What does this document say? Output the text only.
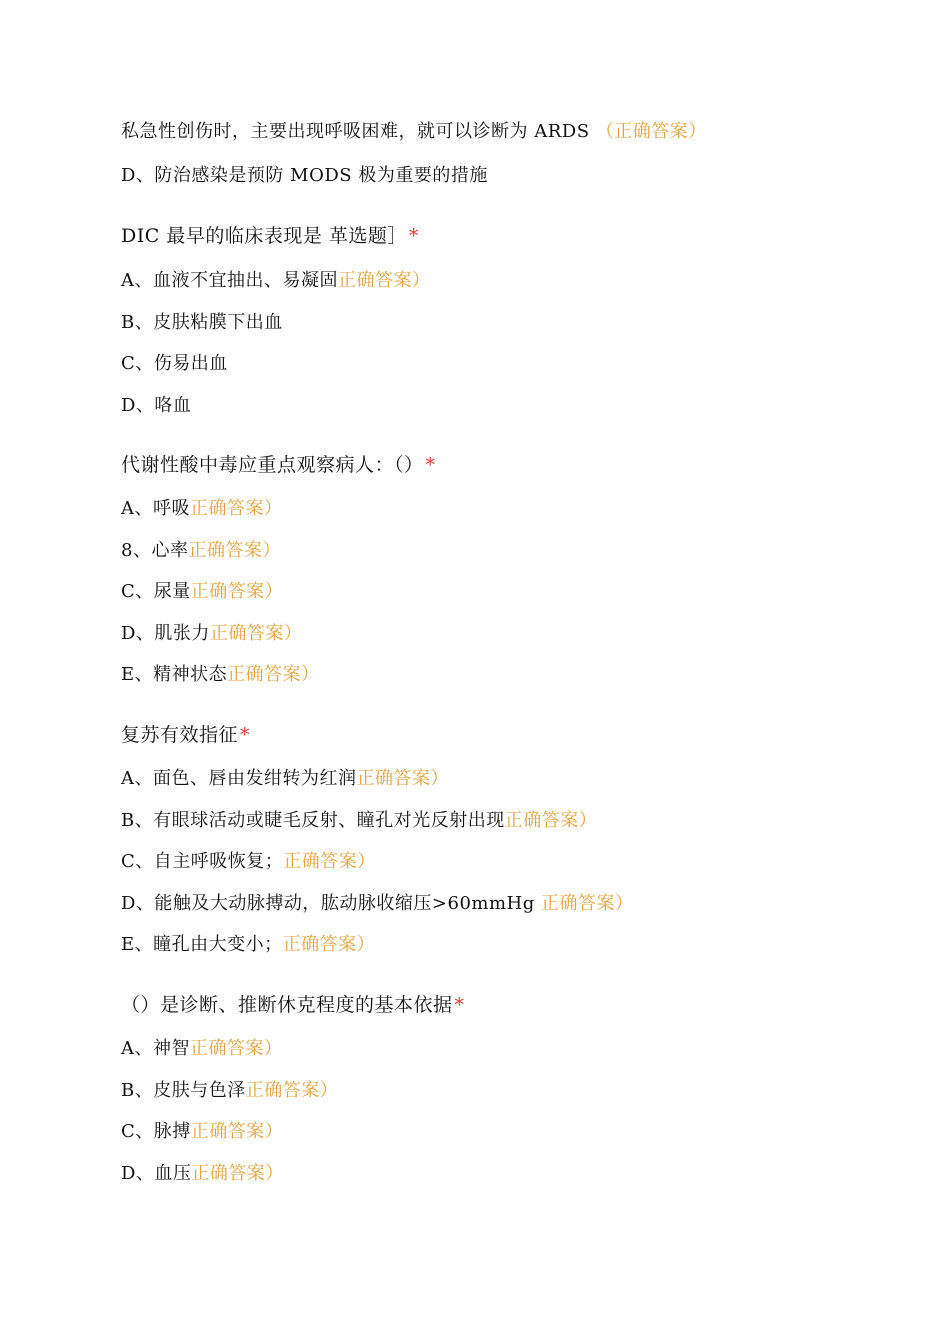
私急性创伤时，主要出现呼吸困难，就可以诊断为 ARDS （正确答案）
D、防治感染是预防 MODS 极为重要的措施
DIC 最早的临床表现是 革选题］ *
A、血液不宜抽出、易凝固正确答案）
B、皮肤粘膜下出血
C、伤易出血
D、咯血
代谢性酸中毒应重点观察病人：（） *
A、呼吸正确答案）
8、心率正确答案）
C、尿量正确答案）
D、肌张力正确答案）
E、精神状态正确答案）
复苏有效指征 *
A、面色、唇由发绀转为红润正确答案）
B、有眼球活动或睫毛反射、瞳孔对光反射出现正确答案）
C、自主呼吸恢复；正确答案）
D、能触及大动脉搏动，肱动脉收缩压>60mmHg 正确答案）
E、瞳孔由大变小；正确答案）
（）是诊断、推断休克程度的基本依据 *
A、神智正确答案）
B、皮肤与色泽正确答案）
C、脉搏正确答案）
D、血压正确答案）
